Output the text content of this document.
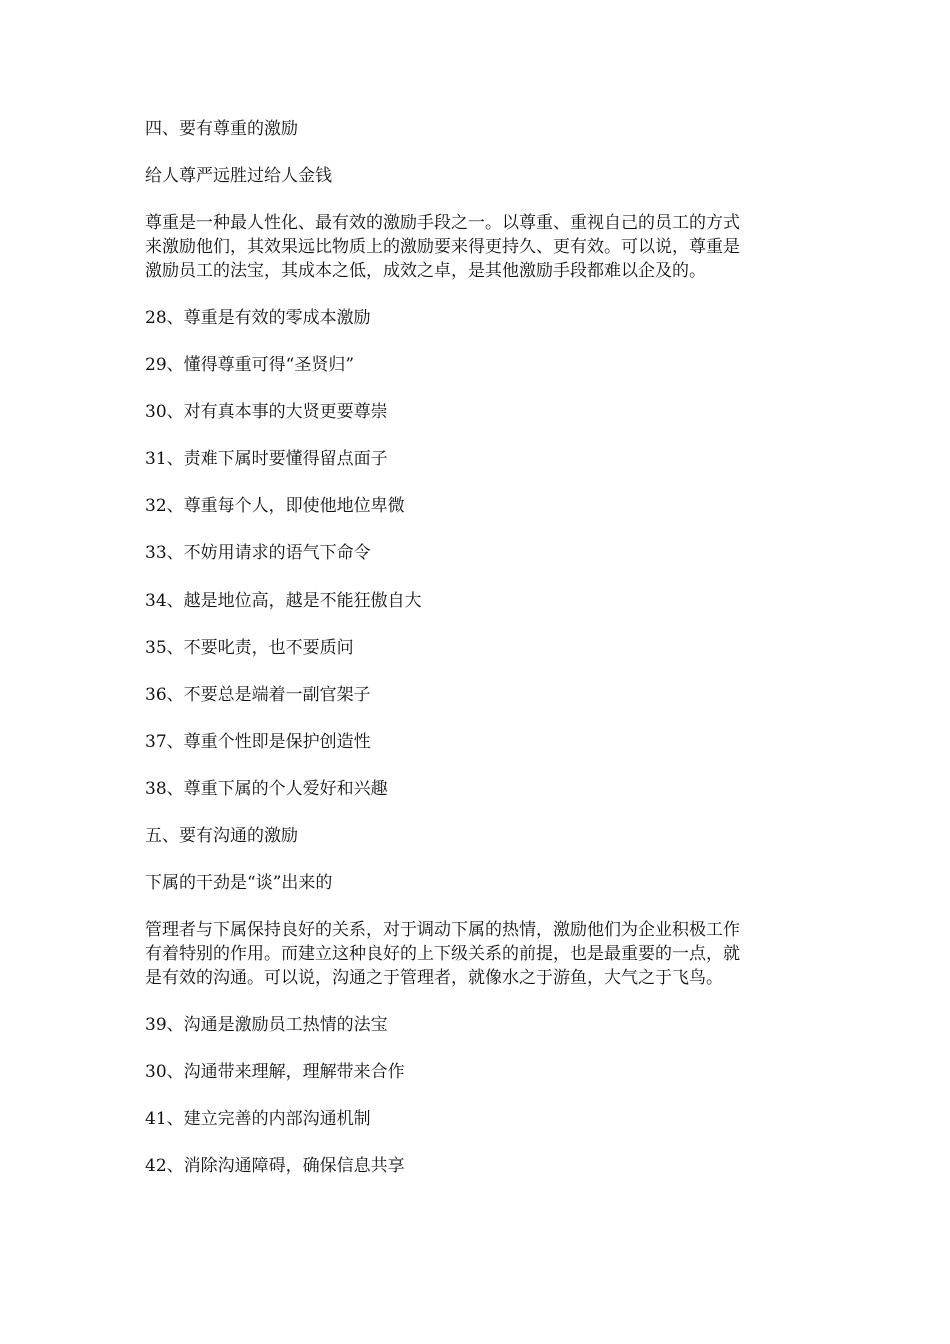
四、要有尊重的激励
给人尊严远胜过给人金钱
尊重是一种最人性化、最有效的激励手段之一。以尊重、重视自己的员工的方式
来激励他们，其效果远比物质上的激励要来得更持久、更有效。可以说，尊重是
激励员工的法宝，其成本之低，成效之卓，是其他激励手段都难以企及的。
28、尊重是有效的零成本激励
29、懂得尊重可得“圣贤归”
30、对有真本事的大贤更要尊崇
31、责难下属时要懂得留点面子
32、尊重每个人，即使他地位卑微
33、不妨用请求的语气下命令
34、越是地位高，越是不能狂傲自大
35、不要叱责，也不要质问
36、不要总是端着一副官架子
37、尊重个性即是保护创造性
38、尊重下属的个人爱好和兴趣
五、要有沟通的激励
下属的干劲是“谈”出来的
管理者与下属保持良好的关系，对于调动下属的热情，激励他们为企业积极工作
有着特别的作用。而建立这种良好的上下级关系的前提，也是最重要的一点，就
是有效的沟通。可以说，沟通之于管理者，就像水之于游鱼，大气之于飞鸟。
39、沟通是激励员工热情的法宝
30、沟通带来理解，理解带来合作
41、建立完善的内部沟通机制
42、消除沟通障碍，确保信息共享
